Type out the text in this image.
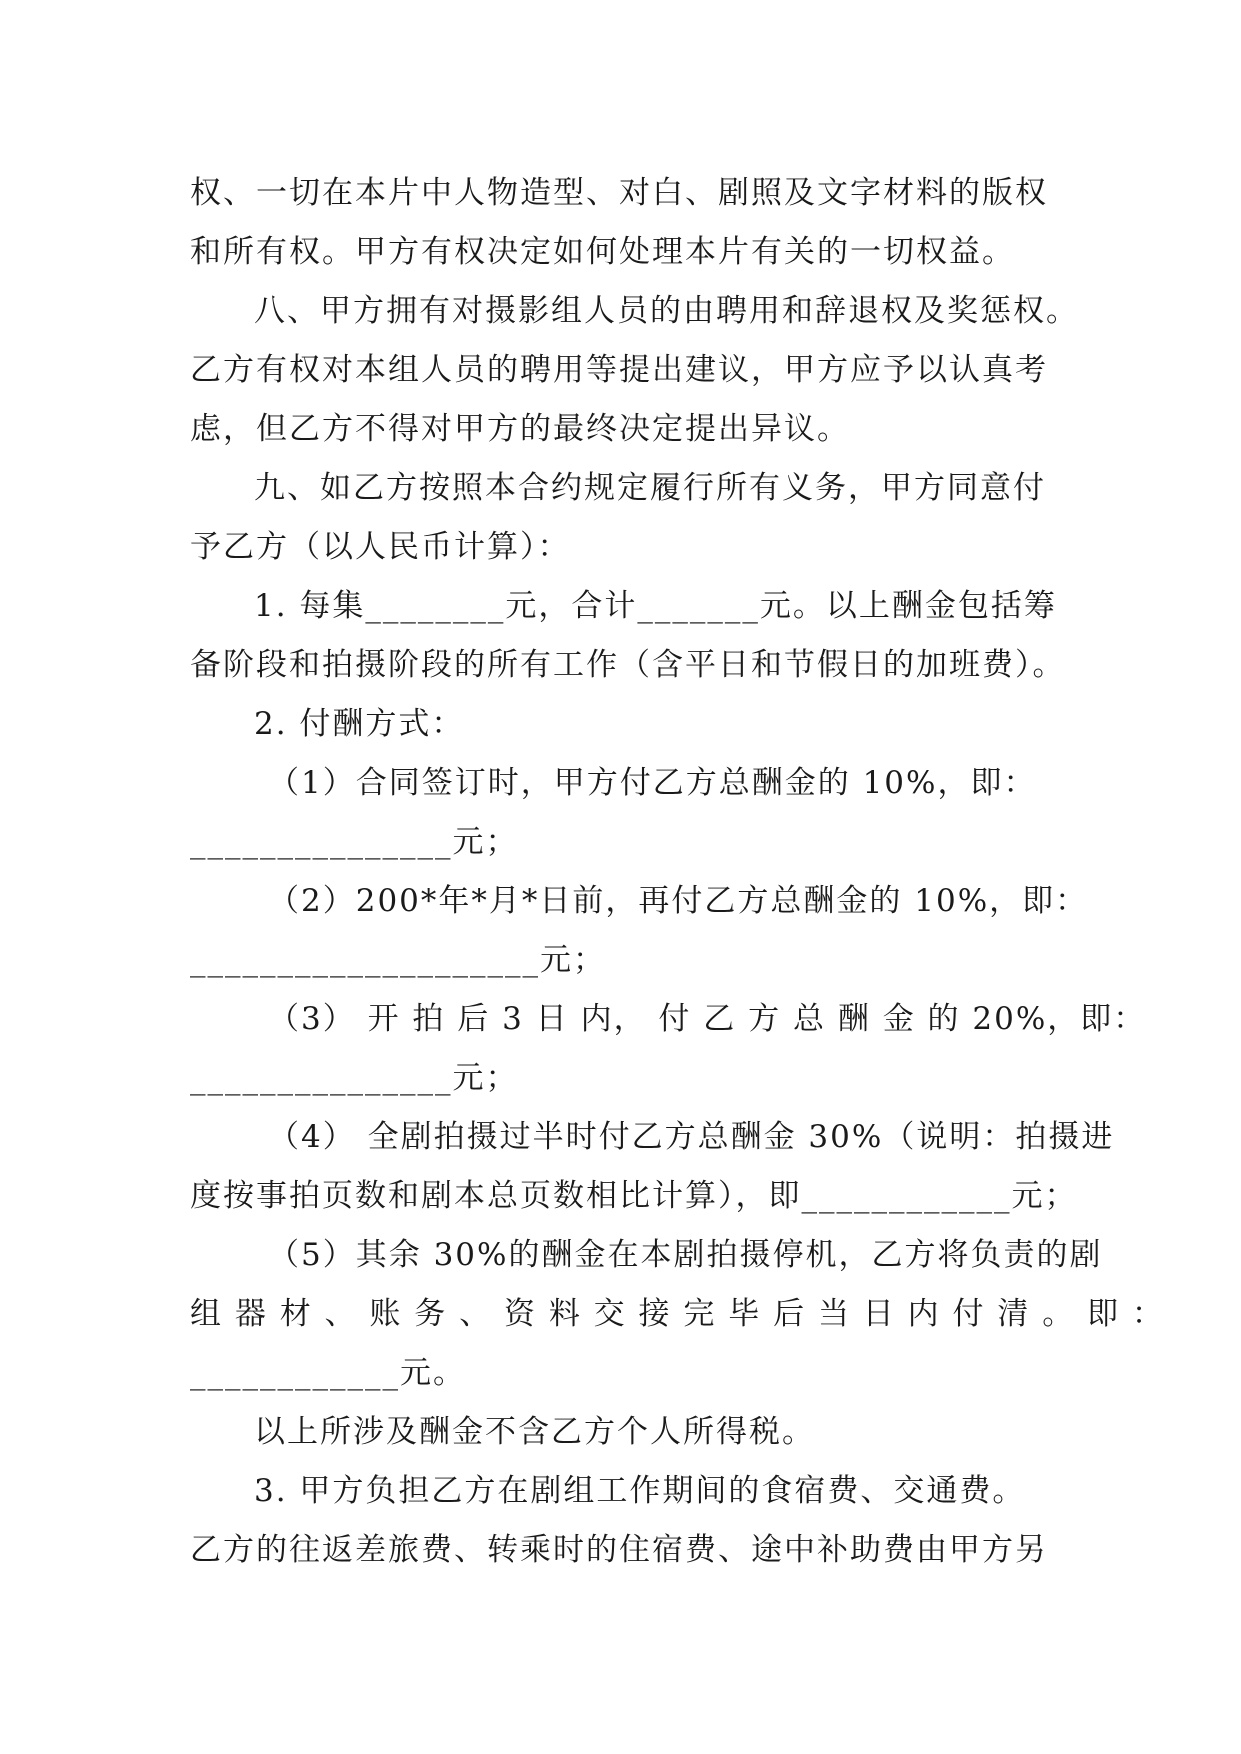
权、一切在本片中人物造型、对白、剧照及文字材料的版权
和所有权。甲方有权决定如何处理本片有关的一切权益。
八、甲方拥有对摄影组人员的由聘用和辞退权及奖惩权。
乙方有权对本组人员的聘用等提出建议，甲方应予以认真考
虑，但乙方不得对甲方的最终决定提出异议。
九、如乙方按照本合约规定履行所有义务，甲方同意付
予乙方（以人民币计算）：
1. 每集________元，合计_______元。以上酬金包括筹
备阶段和拍摄阶段的所有工作（含平日和节假日的加班费）。
2. 付酬方式：
（1）合同签订时，甲方付乙方总酬金的 10%，即：
_______________元；
（2）200*年*月*日前，再付乙方总酬金的 10%，即：
____________________元；
（3） 开 拍 后 3 日 内， 付 乙 方 总 酬 金 的 20%，即：
_______________元；
（4） 全剧拍摄过半时付乙方总酬金 30%（说明：拍摄进
度按事拍页数和剧本总页数相比计算），即____________元；
（5）其余 30%的酬金在本剧拍摄停机，乙方将负责的剧
组 器 材 、 账 务 、 资 料 交 接 完 毕 后 当 日 内 付 清 。 即 ：
____________元。
以上所涉及酬金不含乙方个人所得税。
3. 甲方负担乙方在剧组工作期间的食宿费、交通费。
乙方的往返差旅费、转乘时的住宿费、途中补助费由甲方另
